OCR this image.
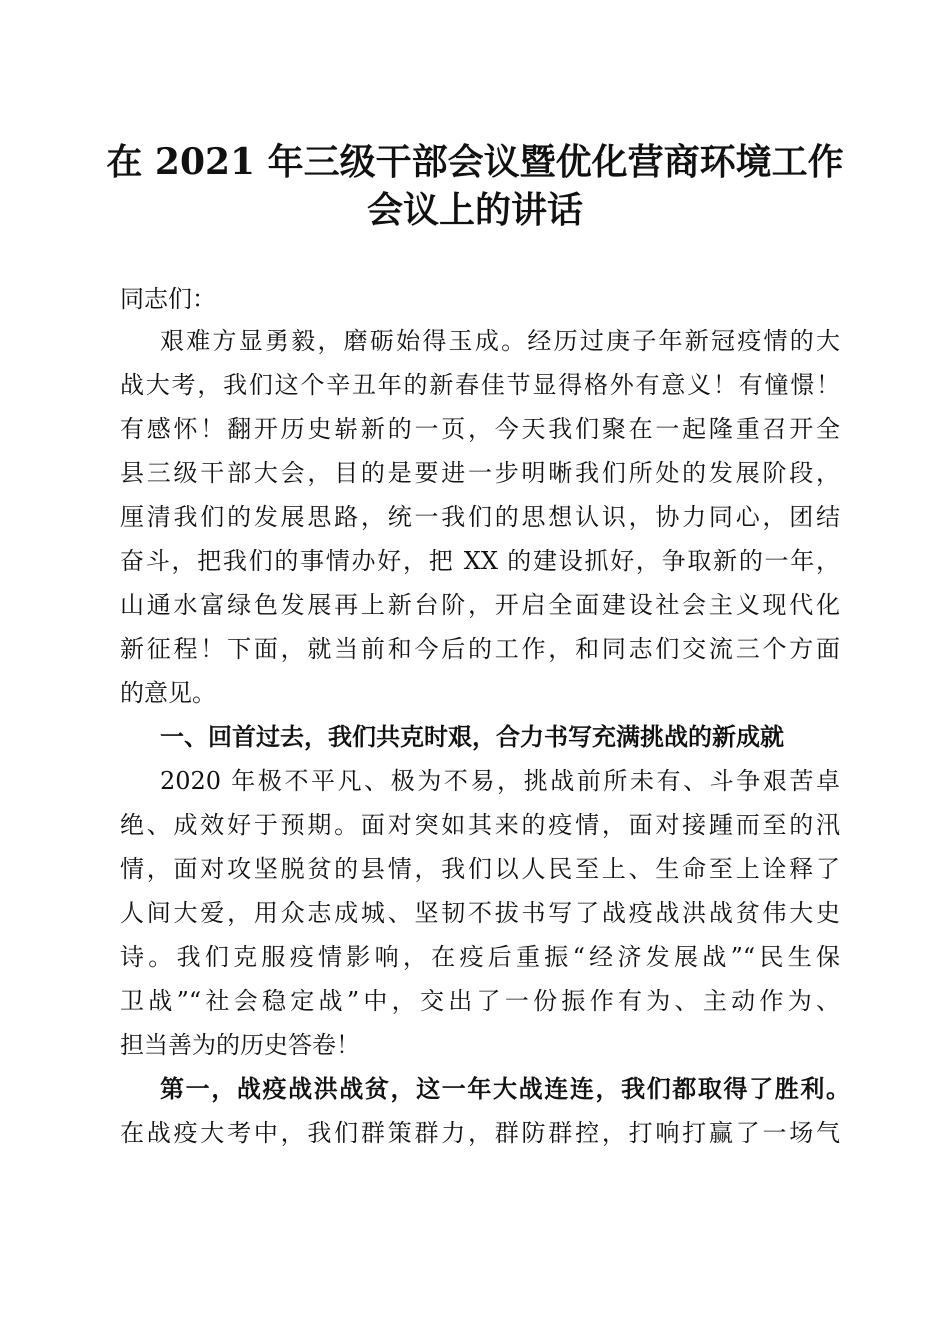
在 2021 年三级干部会议暨优化营商环境工作
会议上的讲话

同志们：

艰难方显勇毅，磨砺始得玉成。经历过庚子年新冠疫情的大

战大考，我们这个辛丑年的新春佳节显得格外有意义！有憧憬！

有感怀！翻开历史崭新的一页，今天我们聚在一起隆重召开全

县三级干部大会，目的是要进一步明晰我们所处的发展阶段，

厘清我们的发展思路，统一我们的思想认识，协力同心，团结

奋斗，把我们的事情办好，把 XX 的建设抓好，争取新的一年，

山通水富绿色发展再上新台阶，开启全面建设社会主义现代化

新征程！下面，就当前和今后的工作，和同志们交流三个方面

的意见。

一、回首过去，我们共克时艰，合力书写充满挑战的新成就

2020 年极不平凡、极为不易，挑战前所未有、斗争艰苦卓

绝、成效好于预期。面对突如其来的疫情，面对接踵而至的汛

情，面对攻坚脱贫的县情，我们以人民至上、生命至上诠释了

人间大爱，用众志成城、坚韧不拔书写了战疫战洪战贫伟大史

诗。我们克服疫情影响，在疫后重振“经济发展战”“民生保

卫战”“社会稳定战”中，交出了一份振作有为、主动作为、

担当善为的历史答卷！

第一，战疫战洪战贫，这一年大战连连，我们都取得了胜利。

在战疫大考中，我们群策群力，群防群控，打响打赢了一场气
